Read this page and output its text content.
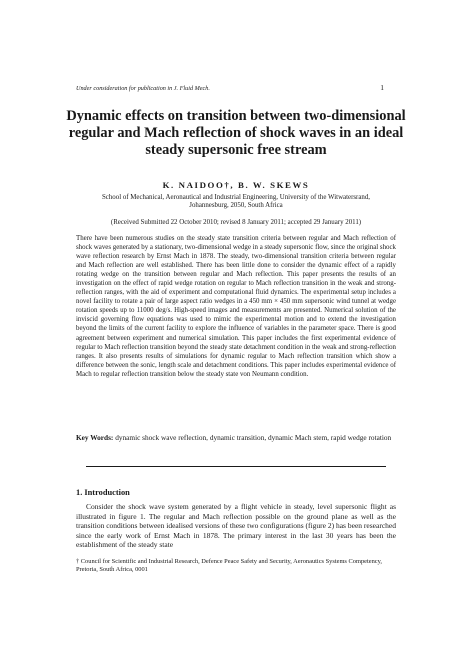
Under consideration for publication in J. Fluid Mech.	1
Dynamic effects on transition between two-dimensional regular and Mach reflection of shock waves in an ideal steady supersonic free stream
K. NAIDOO†, B. W. SKEWS
School of Mechanical, Aeronautical and Industrial Engineering, University of the Witwatersrand, Johannesburg, 2050, South Africa
(Received Submitted 22 October 2010; revised 8 January 2011; accepted 29 January 2011)

There have been numerous studies on the steady state transition criteria between regular and Mach reflection of shock waves generated by a stationary, two-dimensional wedge in a steady supersonic flow, since the original shock wave reflection research by Ernst Mach in 1878. The steady, two-dimensional transition criteria between regular and Mach reflection are well established. There has been little done to consider the dynamic effect of a rapidly rotating wedge on the transition between regular and Mach reflection. This paper presents the results of an investigation on the effect of rapid wedge rotation on regular to Mach reflection transition in the weak and strong-reflection ranges, with the aid of experiment and computational fluid dynamics. The experimental setup includes a novel facility to rotate a pair of large aspect ratio wedges in a 450 mm × 450 mm supersonic wind tunnel at wedge rotation speeds up to 11000 deg/s. High-speed images and measurements are presented. Numerical solution of the inviscid governing flow equations was used to mimic the experimental motion and to extend the investigation beyond the limits of the current facility to explore the influence of variables in the parameter space. There is good agreement between experiment and numerical simulation. This paper includes the first experimental evidence of regular to Mach reflection transition beyond the steady state detachment condition in the weak and strong-reflection ranges. It also presents results of simulations for dynamic regular to Mach reflection transition which show a difference between the sonic, length scale and detachment conditions. This paper includes experimental evidence of Mach to regular reflection transition below the steady state von Neumann condition.

Key Words: dynamic shock wave reflection, dynamic transition, dynamic Mach stem, rapid wedge rotation
1. Introduction

Consider the shock wave system generated by a flight vehicle in steady, level supersonic flight as illustrated in figure 1. The regular and Mach reflection possible on the ground plane as well as the transition conditions between idealised versions of these two configurations (figure 2) has been researched since the early work of Ernst Mach in 1878. The primary interest in the last 30 years has been the establishment of the steady state

† Council for Scientific and Industrial Research, Defence Peace Safety and Security, Aeronautics Systems Competency, Pretoria, South Africa, 0001
